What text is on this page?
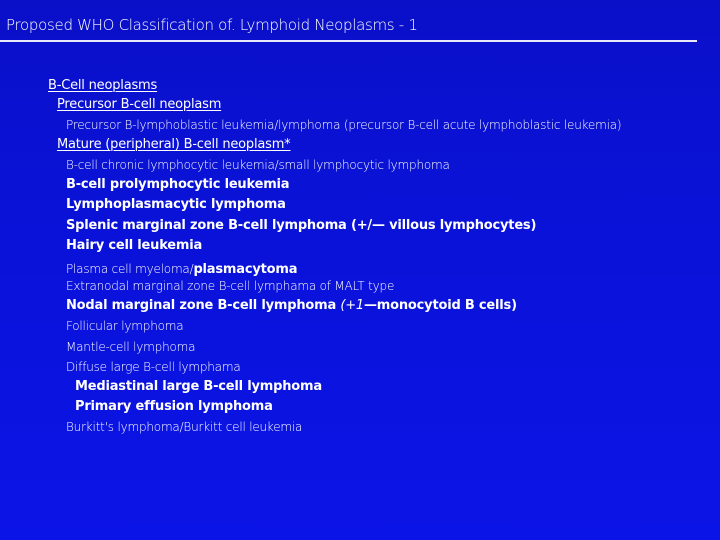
Proposed WHO Classification of. Lymphoid Neoplasms - 1
B-Cell neoplasms
Precursor B-cell neoplasm
Precursor B-lymphoblastic leukemia/lymphoma (precursor B-cell acute lymphoblastic leukemia)
Mature (peripheral) B-cell neoplasm*
B-cell chronic lymphocytic leukemia/small lymphocytic lymphoma
B-cell prolymphocytic leukemia
Lymphoplasmacytic lymphoma
Splenic marginal zone B-cell lymphoma (+/— villous lymphocytes)
Hairy cell leukemia
Plasma cell myeloma/plasmacytoma
Extranodal marginal zone B-cell lymphama of MALT type
Nodal marginal zone B-cell lymphoma (+1—monocytoid B cells)
Follicular lymphoma
Mantle-cell lymphoma
Diffuse large B-cell lymphama
Mediastinal large B-cell lymphoma
Primary effusion lymphoma
Burkitt's lymphoma/Burkitt cell leukemia
